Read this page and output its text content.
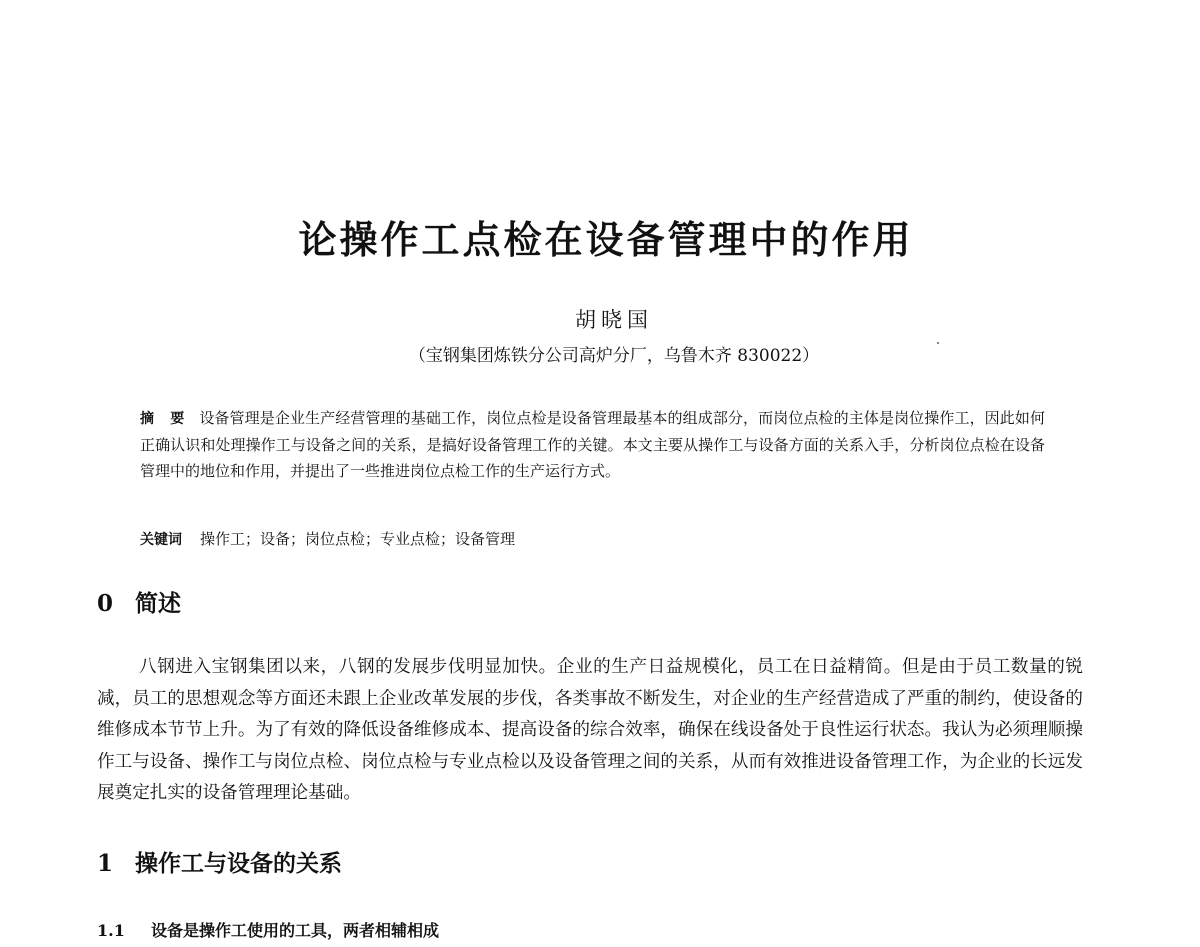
论操作工点检在设备管理中的作用
胡晓国
（宝钢集团炼铁分公司高炉分厂，乌鲁木齐 830022）
摘　要 设备管理是企业生产经营管理的基础工作，岗位点检是设备管理最基本的组成部分，而岗位点检的主体是岗位操作工，因此如何正确认识和处理操作工与设备之间的关系，是搞好设备管理工作的关键。本文主要从操作工与设备方面的关系入手，分析岗位点检在设备管理中的地位和作用，并提出了一些推进岗位点检工作的生产运行方式。
关键词 操作工；设备；岗位点检；专业点检；设备管理
0 简述
八钢进入宝钢集团以来，八钢的发展步伐明显加快。企业的生产日益规模化，员工在日益精简。但是由于员工数量的锐减，员工的思想观念等方面还未跟上企业改革发展的步伐，各类事故不断发生，对企业的生产经营造成了严重的制约，使设备的维修成本节节上升。为了有效的降低设备维修成本、提高设备的综合效率，确保在线设备处于良性运行状态。我认为必须理顺操作工与设备、操作工与岗位点检、岗位点检与专业点检以及设备管理之间的关系，从而有效推进设备管理工作，为企业的长远发展奠定扎实的设备管理理论基础。
1 操作工与设备的关系
1.1 设备是操作工使用的工具，两者相辅相成
